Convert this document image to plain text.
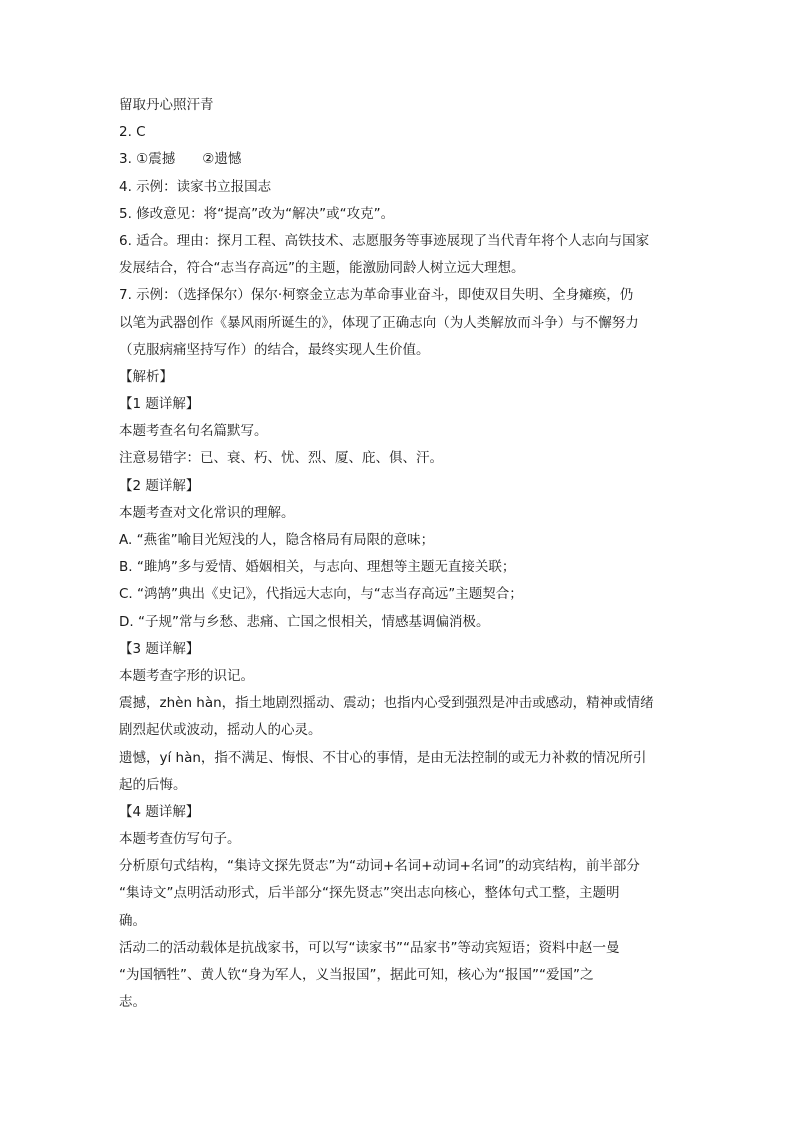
留取丹心照汗青
2. C
3. ①震撼　　②遗憾
4. 示例：读家书立报国志
5. 修改意见：将“提高”改为“解决”或“攻克”。
6. 适合。理由：探月工程、高铁技术、志愿服务等事迹展现了当代青年将个人志向与国家
发展结合，符合“志当存高远”的主题，能激励同龄人树立远大理想。
7. 示例：（选择保尔）保尔·柯察金立志为革命事业奋斗，即使双目失明、全身瘫痪，仍
以笔为武器创作《暴风雨所诞生的》，体现了正确志向（为人类解放而斗争）与不懈努力
（克服病痛坚持写作）的结合，最终实现人生价值。
【解析】
【1 题详解】
本题考查名句名篇默写。
注意易错字：已、衰、朽、忧、烈、厦、庇、俱、汗。
【2 题详解】
本题考查对文化常识的理解。
A. “燕雀”喻目光短浅的人，隐含格局有局限的意味；
B. “雎鸠”多与爱情、婚姻相关，与志向、理想等主题无直接关联；
C. “鸿鹄”典出《史记》，代指远大志向，与“志当存高远”主题契合；
D. “子规”常与乡愁、悲痛、亡国之恨相关，情感基调偏消极。
【3 题详解】
本题考查字形的识记。
震撼，zhèn hàn，指土地剧烈摇动、震动；也指内心受到强烈是冲击或感动，精神或情绪
剧烈起伏或波动，摇动人的心灵。
遗憾，yí hàn，指不满足、悔恨、不甘心的事情，是由无法控制的或无力补救的情况所引
起的后悔。
【4 题详解】
本题考查仿写句子。
分析原句式结构，“集诗文探先贤志”为“动词+名词+动词+名词”的动宾结构，前半部分
“集诗文”点明活动形式，后半部分“探先贤志”突出志向核心，整体句式工整，主题明
确。
活动二的活动载体是抗战家书，可以写“读家书”“品家书”等动宾短语；资料中赵一曼
“为国牺牲”、黄人钦“身为军人，义当报国”，据此可知，核心为“报国”“爱国”之
志。
